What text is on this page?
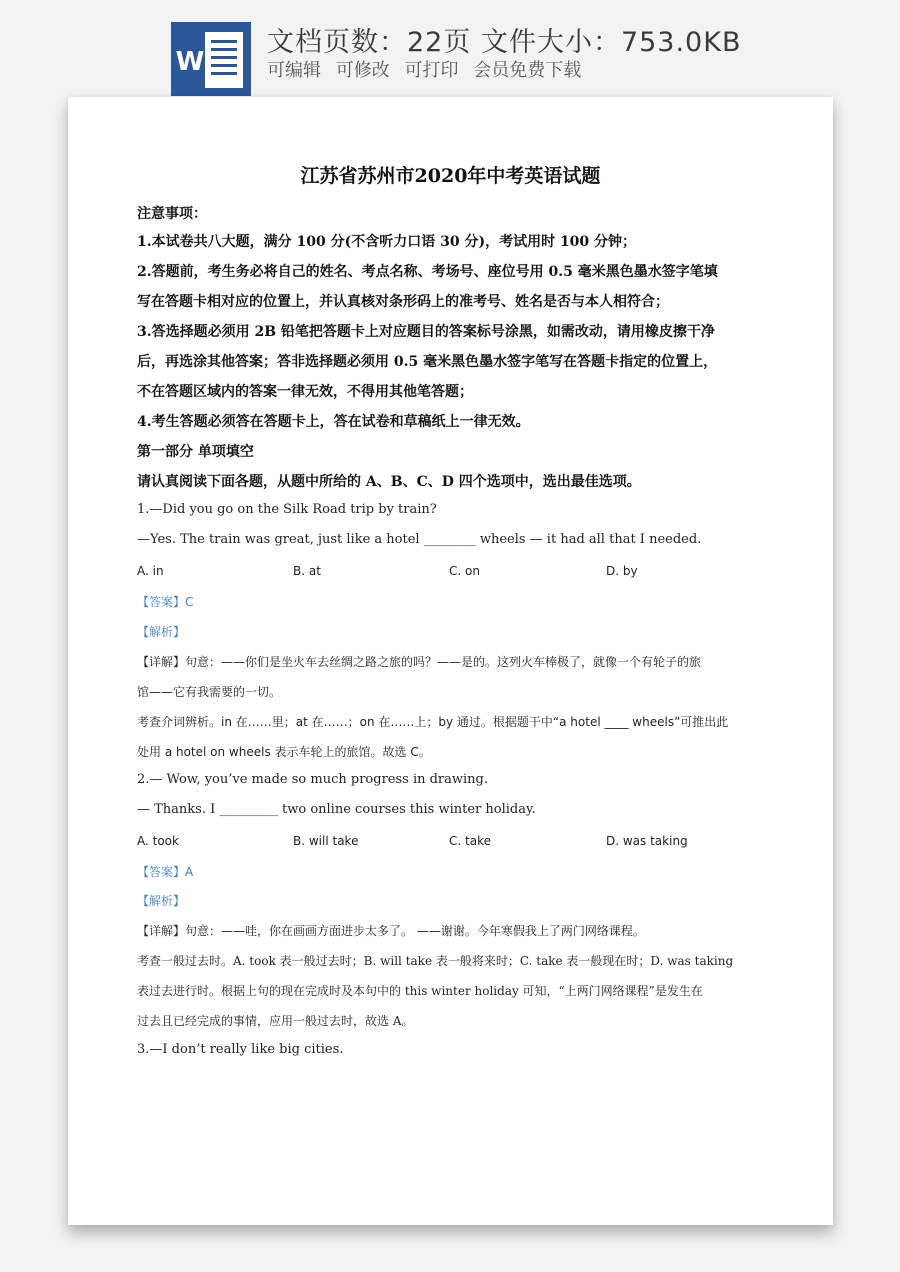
W
文档页数：22页 文件大小：753.0KB
可编辑 可修改 可打印 会员免费下载
江苏省苏州市2020年中考英语试题
注意事项：
1.本试卷共八大题，满分 100 分(不含听力口语 30 分)，考试用时 100 分钟；
2.答题前，考生务必将自己的姓名、考点名称、考场号、座位号用 0.5 毫米黑色墨水签字笔填
写在答题卡相对应的位置上，并认真核对条形码上的准考号、姓名是否与本人相符合；
3.答选择题必须用 2B 铅笔把答题卡上对应题目的答案标号涂黑，如需改动，请用橡皮擦干净
后，再选涂其他答案；答非选择题必须用 0.5 毫米黑色墨水签字笔写在答题卡指定的位置上，
不在答题区域内的答案一律无效，不得用其他笔答题；
4.考生答题必须答在答题卡上，答在试卷和草稿纸上一律无效。
第一部分 单项填空
请认真阅读下面各题，从题中所给的 A、B、C、D 四个选项中，选出最佳选项。
1.—Did you go on the Silk Road trip by train?
—Yes. The train was great, just like a hotel ________ wheels — it had all that I needed.
A. in	B. at	C. on	D. by
【答案】C
【解析】
【详解】句意：——你们是坐火车去丝绸之路之旅的吗？——是的。这列火车棒极了，就像一个有轮子的旅
馆——它有我需要的一切。
考查介词辨析。in 在……里；at 在……；on 在……上；by 通过。根据题干中“a hotel ____ wheels”可推出此
处用 a hotel on wheels 表示车轮上的旅馆。故选 C。
2.— Wow, you’ve made so much progress in drawing.
— Thanks. I _________ two online courses this winter holiday.
A. took	B. will take	C. take	D. was taking
【答案】A
【解析】
【详解】句意：——哇，你在画画方面进步太多了。 ——谢谢。今年寒假我上了两门网络课程。
考查一般过去时。A. took 表一般过去时；B. will take 表一般将来时；C. take 表一般现在时；D. was taking
表过去进行时。根据上句的现在完成时及本句中的 this winter holiday 可知，“上两门网络课程”是发生在
过去且已经完成的事情，应用一般过去时，故选 A。
3.—I don’t really like big cities.
